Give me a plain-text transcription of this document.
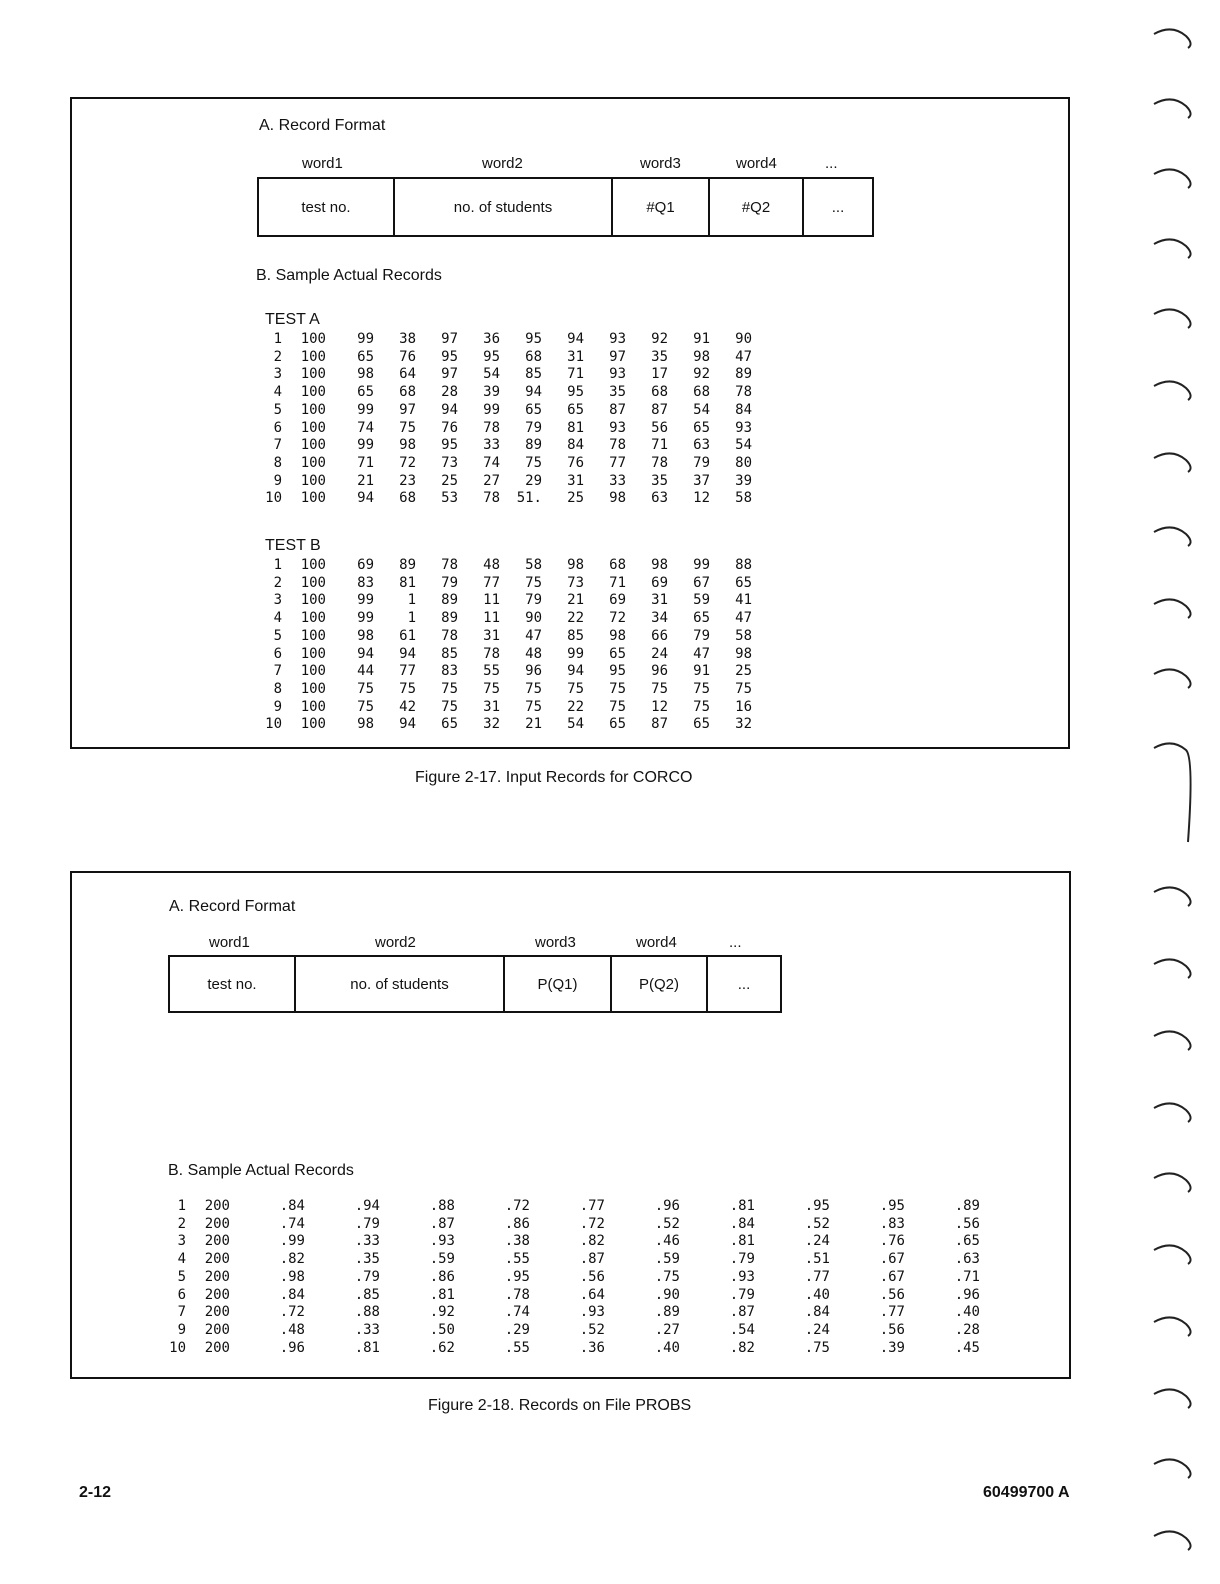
A. Record Format
word1	word2	word3	word4	...
test no.	no. of students	#Q1	#Q2	...
B. Sample Actual Records
TEST A
1	100	99	38	97	36	95	94	93	92	91	90
2	100	65	76	95	95	68	31	97	35	98	47
3	100	98	64	97	54	85	71	93	17	92	89
4	100	65	68	28	39	94	95	35	68	68	78
5	100	99	97	94	99	65	65	87	87	54	84
6	100	74	75	76	78	79	81	93	56	65	93
7	100	99	98	95	33	89	84	78	71	63	54
8	100	71	72	73	74	75	76	77	78	79	80
9	100	21	23	25	27	29	31	33	35	37	39
10	100	94	68	53	78	51.	25	98	63	12	58
TEST B
1	100	69	89	78	48	58	98	68	98	99	88
2	100	83	81	79	77	75	73	71	69	67	65
3	100	99	1	89	11	79	21	69	31	59	41
4	100	99	1	89	11	90	22	72	34	65	47
5	100	98	61	78	31	47	85	98	66	79	58
6	100	94	94	85	78	48	99	65	24	47	98
7	100	44	77	83	55	96	94	95	96	91	25
8	100	75	75	75	75	75	75	75	75	75	75
9	100	75	42	75	31	75	22	75	12	75	16
10	100	98	94	65	32	21	54	65	87	65	32
Figure 2-17. Input Records for CORCO
A. Record Format
word1	word2	word3	word4	...
test no.	no. of students	P(Q1)	P(Q2)	...
B. Sample Actual Records
1	200	.84	.94	.88	.72	.77	.96	.81	.95	.95	.89
2	200	.74	.79	.87	.86	.72	.52	.84	.52	.83	.56
3	200	.99	.33	.93	.38	.82	.46	.81	.24	.76	.65
4	200	.82	.35	.59	.55	.87	.59	.79	.51	.67	.63
5	200	.98	.79	.86	.95	.56	.75	.93	.77	.67	.71
6	200	.84	.85	.81	.78	.64	.90	.79	.40	.56	.96
7	200	.72	.88	.92	.74	.93	.89	.87	.84	.77	.40
9	200	.48	.33	.50	.29	.52	.27	.54	.24	.56	.28
10	200	.96	.81	.62	.55	.36	.40	.82	.75	.39	.45
Figure 2-18. Records on File PROBS
2-12	60499700 A
